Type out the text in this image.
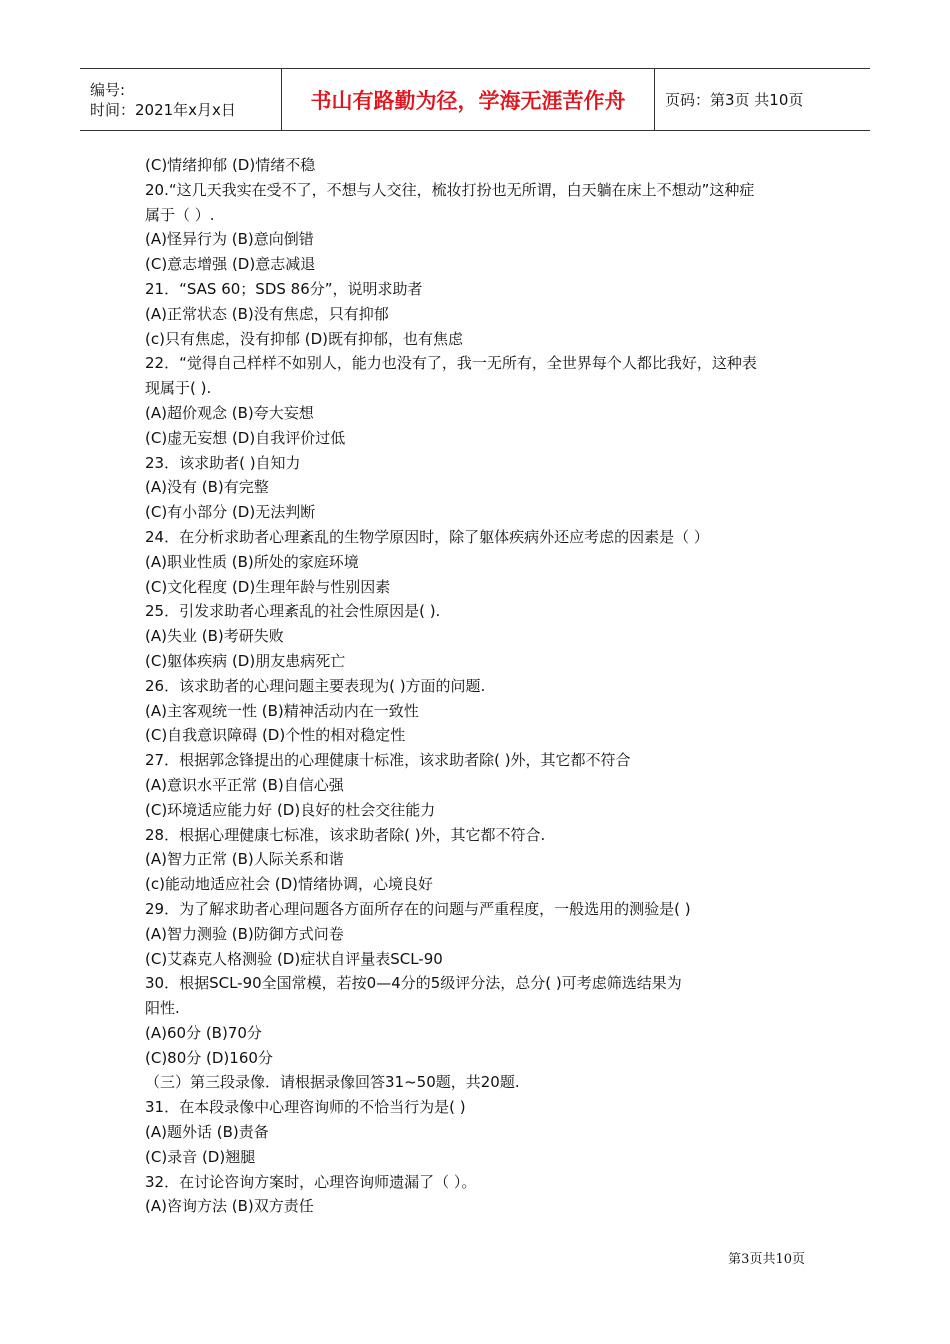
编号:
时间：2021年x月x日	书山有路勤为径，学海无涯苦作舟	页码：第3页 共10页
(C)情绪抑郁 (D)情绪不稳
20.“这几天我实在受不了，不想与人交往，梳妆打扮也无所谓，白天躺在床上不想动”这种症
属于（ ）.
(A)怪异行为 (B)意向倒错
(C)意志增强 (D)意志减退
21．“SAS 60；SDS 86分”，说明求助者
(A)正常状态 (B)没有焦虑，只有抑郁
(c)只有焦虑，没有抑郁 (D)既有抑郁，也有焦虑
22．“觉得自己样样不如别人，能力也没有了，我一无所有，全世界每个人都比我好，这种表
现属于( ).
(A)超价观念 (B)夸大妄想
(C)虚无妄想 (D)自我评价过低
23．该求助者( )自知力
(A)没有 (B)有完整
(C)有小部分 (D)无法判断
24．在分析求助者心理紊乱的生物学原因时，除了躯体疾病外还应考虑的因素是（ ）
(A)职业性质 (B)所处的家庭环境
(C)文化程度 (D)生理年龄与性别因素
25．引发求助者心理紊乱的社会性原因是( ).
(A)失业 (B)考研失败
(C)躯体疾病 (D)朋友患病死亡
26．该求助者的心理问题主要表现为( )方面的问题.
(A)主客观统一性 (B)精神活动内在一致性
(C)自我意识障碍 (D)个性的相对稳定性
27．根据郭念锋提出的心理健康十标准，该求助者除( )外，其它都不符合
(A)意识水平正常 (B)自信心强
(C)环境适应能力好 (D)良好的杜会交往能力
28．根据心理健康七标准，该求助者除( )外，其它都不符合.
(A)智力正常 (B)人际关系和谐
(c)能动地适应社会 (D)情绪协调，心境良好
29．为了解求助者心理问题各方面所存在的问题与严重程度，一般选用的测验是( )
(A)智力测验 (B)防御方式问卷
(C)艾森克人格测验 (D)症状自评量表SCL-90
30．根据SCL-90全国常模，若按0—4分的5级评分法，总分( )可考虑筛选结果为
阳性.
(A)60分 (B)70分
(C)80分 (D)160分
（三）第三段录像．请根据录像回答31~50题，共20题.
31．在本段录像中心理咨询师的不恰当行为是( )
(A)题外话 (B)责备
(C)录音 (D)翘腿
32．在讨论咨询方案时，心理咨询师遗漏了（ ）。
(A)咨询方法 (B)双方责任
第3页共10页
